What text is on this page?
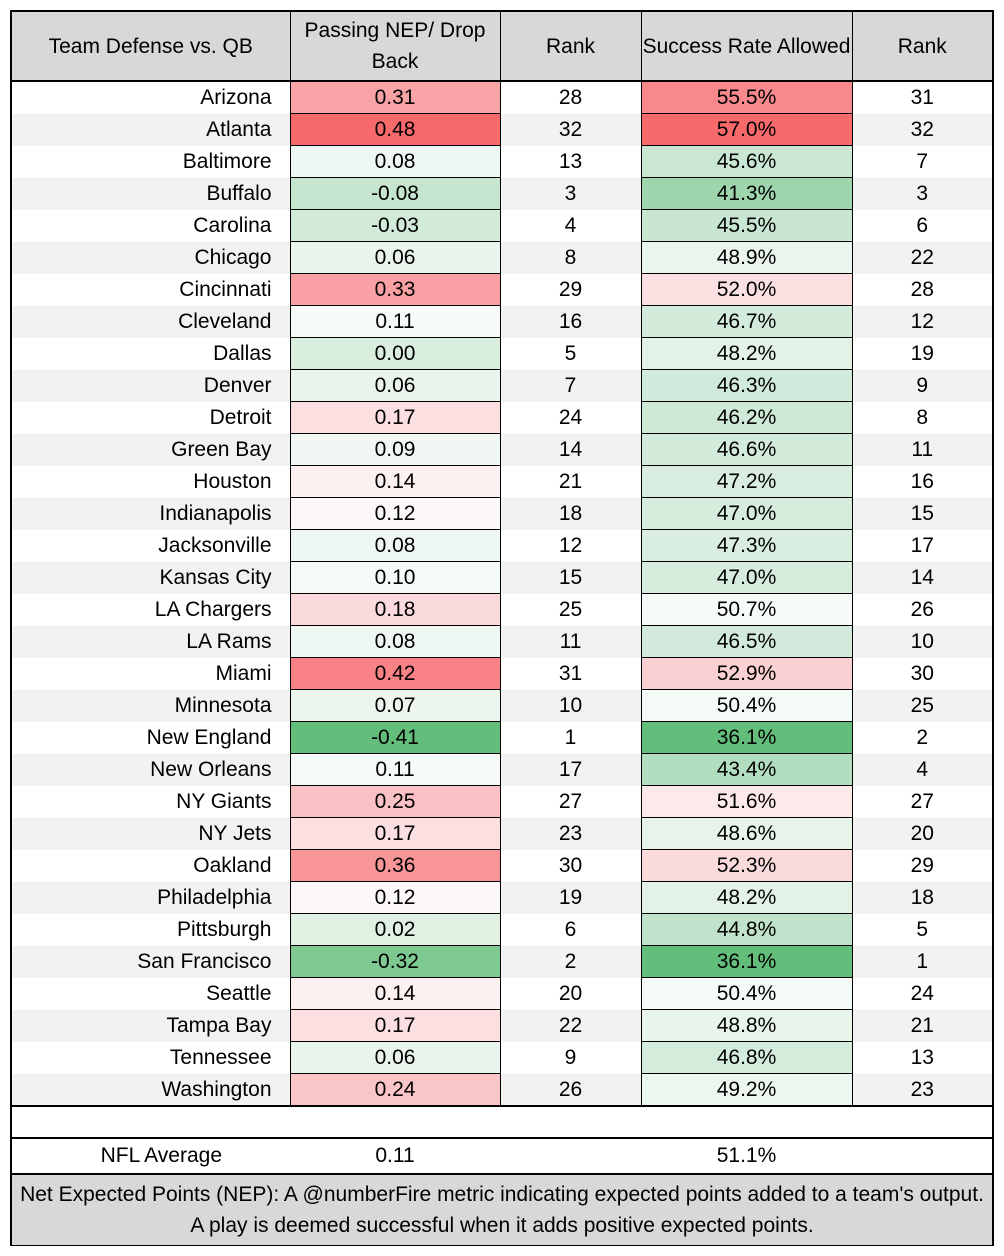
Team Defense vs. QB	Passing NEP/ Drop Back	Rank	Success Rate Allowed	Rank
Arizona	0.31	28	55.5%	31
Atlanta	0.48	32	57.0%	32
Baltimore	0.08	13	45.6%	7
Buffalo	-0.08	3	41.3%	3
Carolina	-0.03	4	45.5%	6
Chicago	0.06	8	48.9%	22
Cincinnati	0.33	29	52.0%	28
Cleveland	0.11	16	46.7%	12
Dallas	0.00	5	48.2%	19
Denver	0.06	7	46.3%	9
Detroit	0.17	24	46.2%	8
Green Bay	0.09	14	46.6%	11
Houston	0.14	21	47.2%	16
Indianapolis	0.12	18	47.0%	15
Jacksonville	0.08	12	47.3%	17
Kansas City	0.10	15	47.0%	14
LA Chargers	0.18	25	50.7%	26
LA Rams	0.08	11	46.5%	10
Miami	0.42	31	52.9%	30
Minnesota	0.07	10	50.4%	25
New England	-0.41	1	36.1%	2
New Orleans	0.11	17	43.4%	4
NY Giants	0.25	27	51.6%	27
NY Jets	0.17	23	48.6%	20
Oakland	0.36	30	52.3%	29
Philadelphia	0.12	19	48.2%	18
Pittsburgh	0.02	6	44.8%	5
San Francisco	-0.32	2	36.1%	1
Seattle	0.14	20	50.4%	24
Tampa Bay	0.17	22	48.8%	21
Tennessee	0.06	9	46.8%	13
Washington	0.24	26	49.2%	23

NFL Average	0.11		51.1%	
Net Expected Points (NEP): A @numberFire metric indicating expected points added to a team's output. A play is deemed successful when it adds positive expected points.				
